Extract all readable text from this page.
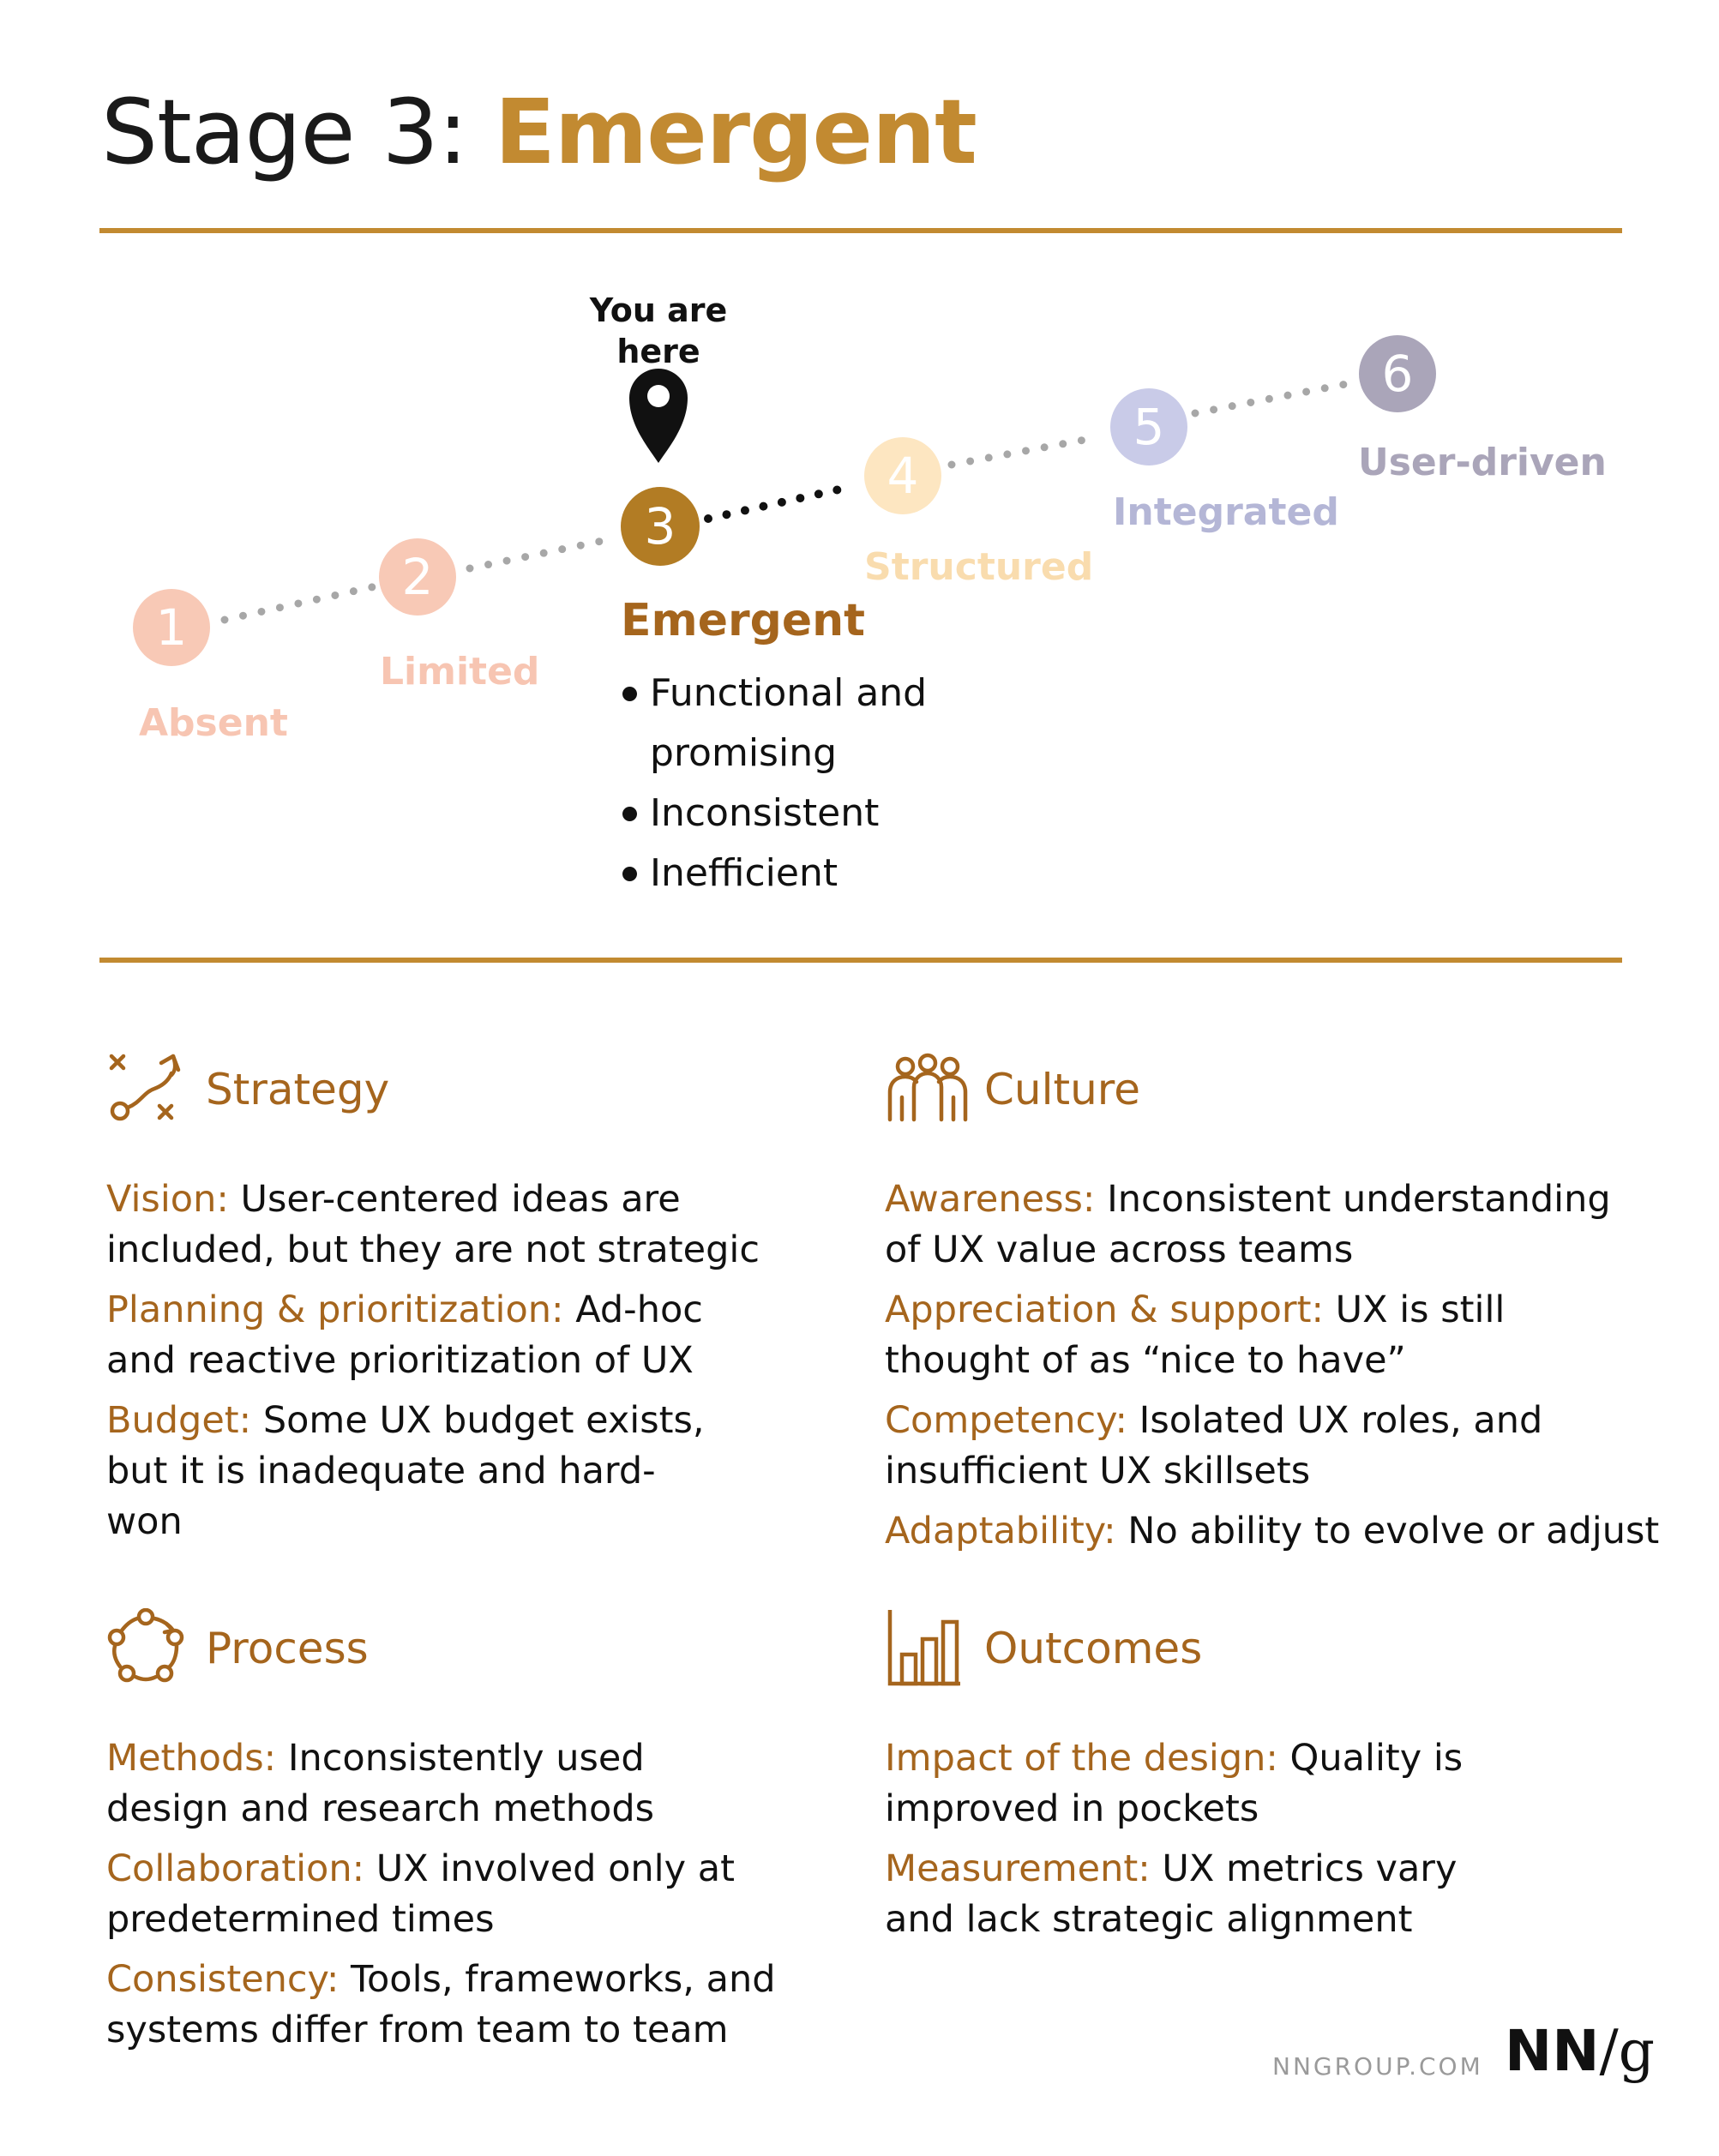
Stage 3: Emergent
1
2
3
4
5
6
Absent
Limited
Structured
Integrated
User-driven
You are
here
Emergent
Functional and promising
Inconsistent
Inefficient
Strategy
Vision: User-centered ideas are included, but they are not strategic
Planning & prioritization: Ad-hoc and reactive prioritization of UX
Budget: Some UX budget exists, but it is inadequate and hard-won
Culture
Awareness: Inconsistent understanding of UX value across teams
Appreciation & support: UX is still thought of as “nice to have”
Competency: Isolated UX roles, and insufficient UX skillsets
Adaptability: No ability to evolve or adjust
Process
Methods: Inconsistently used design and research methods
Collaboration: UX involved only at predetermined times
Consistency: Tools, frameworks, and systems differ from team to team
Outcomes
Impact of the design: Quality is improved in pockets
Measurement: UX metrics vary and lack strategic alignment
NNGROUP.COM NN/g
